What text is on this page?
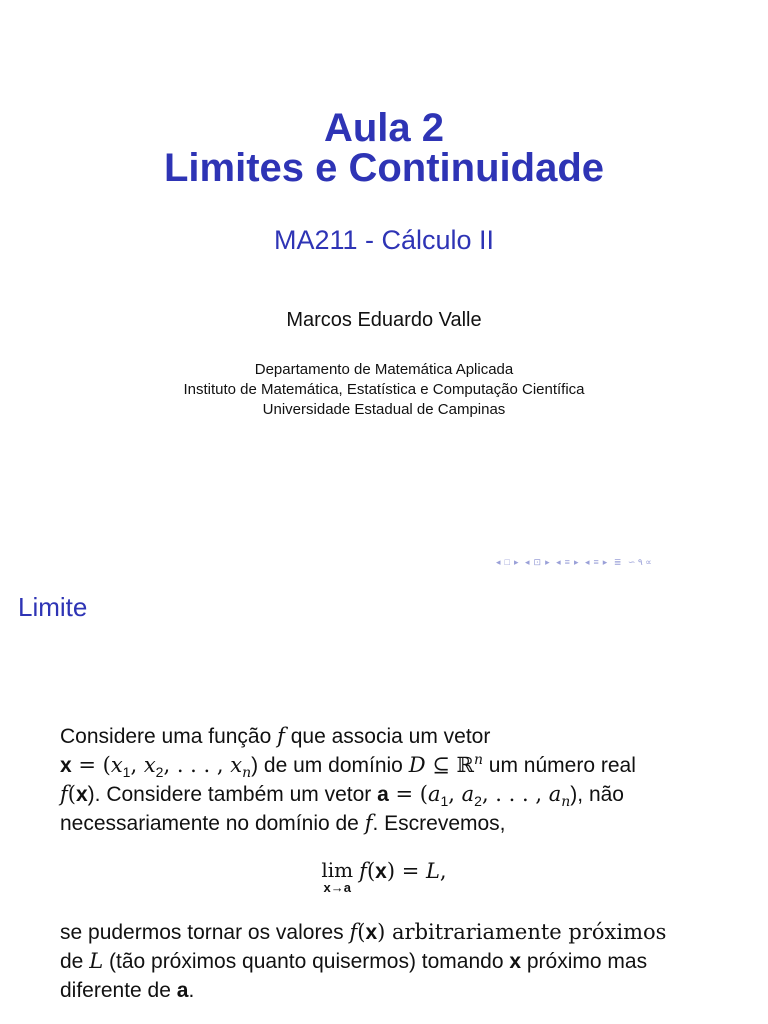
Aula 2
Limites e Continuidade
MA211 - Cálculo II
Marcos Eduardo Valle
Departamento de Matemática Aplicada
Instituto de Matemática, Estatística e Computação Científica
Universidade Estadual de Campinas
◂ □ ▸ ◂ ⊡ ▸ ◂ ≡ ▸ ◂ ≡ ▸ ≣ ∽ ۹ ∝
Limite
Considere uma função f que associa um vetor
$x = (x_1$, $x_2$, . . . , $x_n$) de um domínio D ⊆ ℝ$^n$ um número real
f(x). Considere também um vetor $a = (a_1$, $a_2$, . . . , $a_n$), não
necessariamente no domínio de f. Escrevemos,
lim
x→a
f(x) = L,
se pudermos tornar os valores f(x) arbitrariamente próximos
de L (tão próximos quanto quisermos) tomando x próximo mas
diferente de a.
